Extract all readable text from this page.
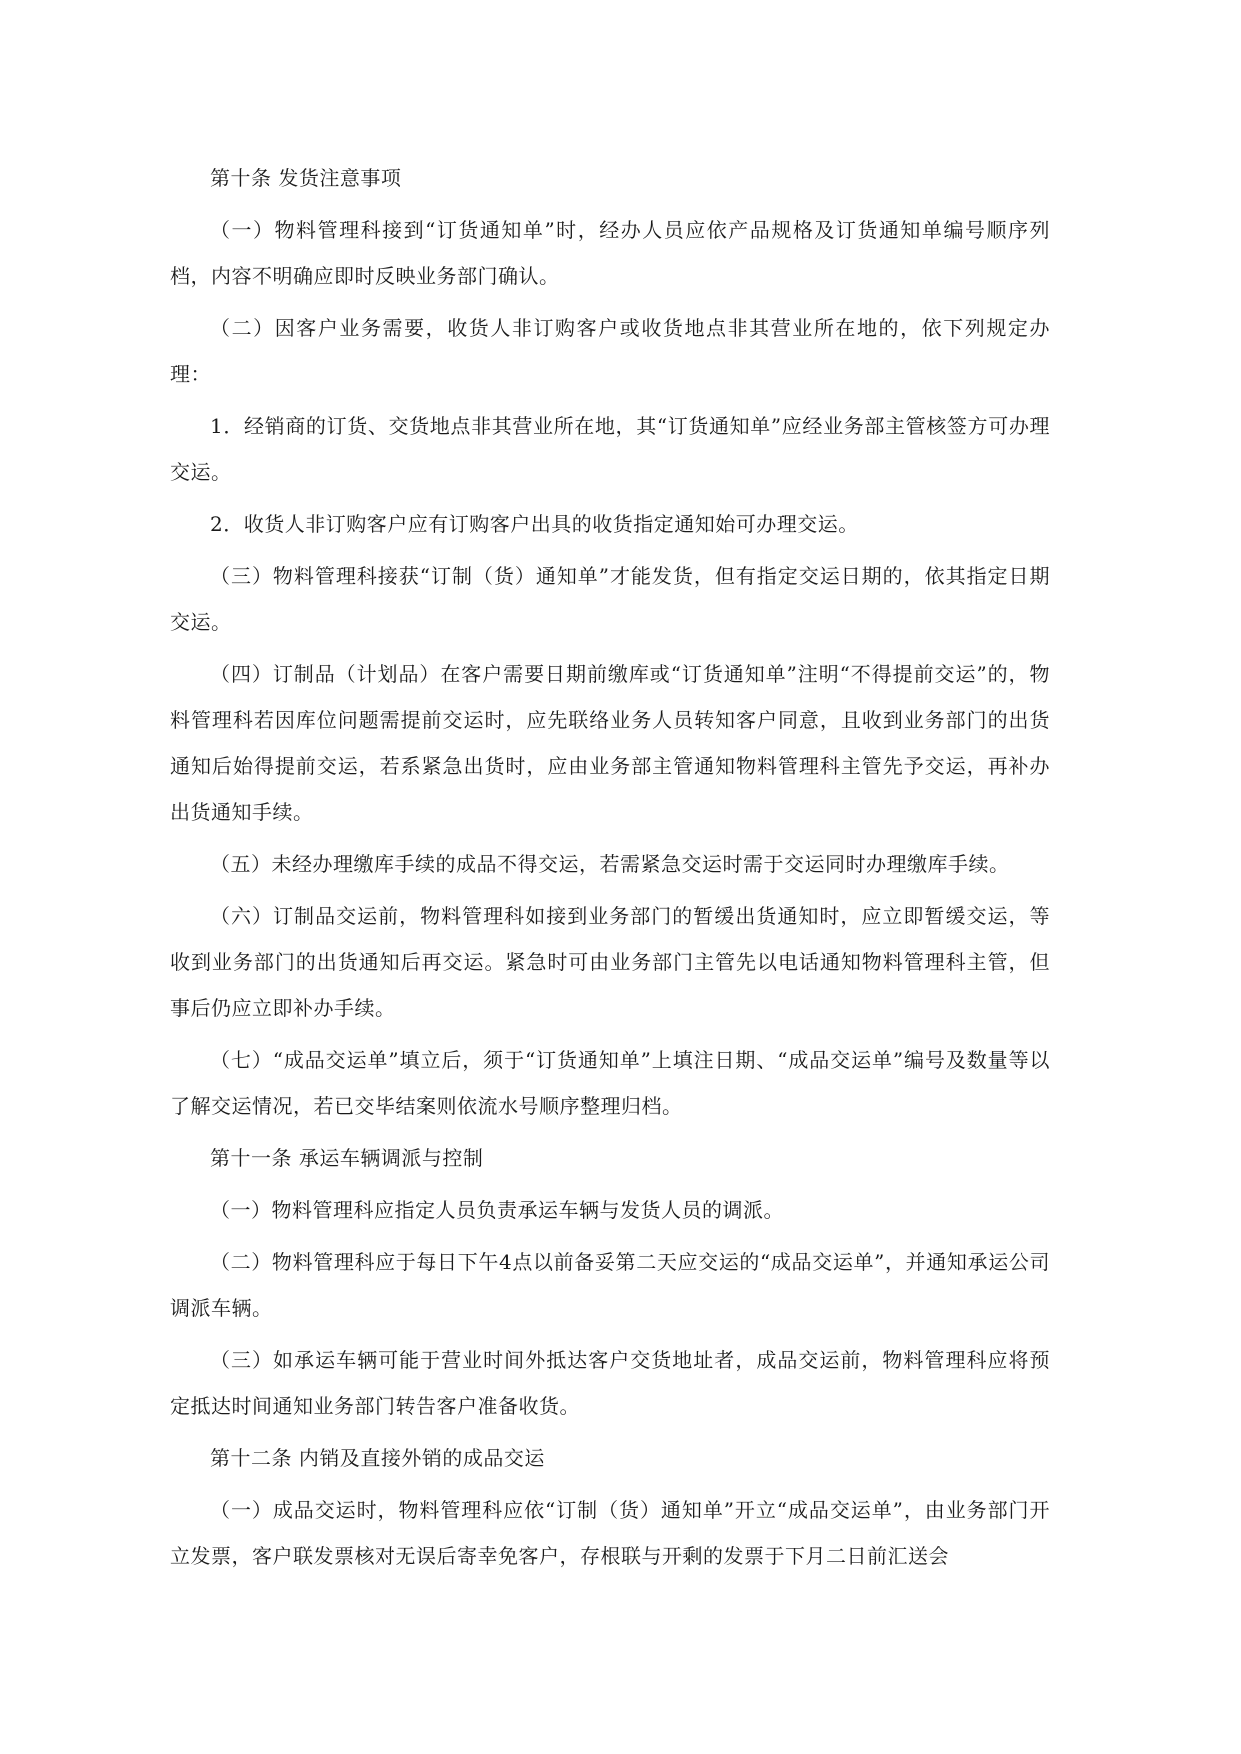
第十条 发货注意事项

（一）物料管理科接到“订货通知单”时，经办人员应依产品规格及订货通知单编号顺序列档，内容不明确应即时反映业务部门确认。

（二）因客户业务需要，收货人非订购客户或收货地点非其营业所在地的，依下列规定办理：

1．经销商的订货、交货地点非其营业所在地，其“订货通知单”应经业务部主管核签方可办理交运。

2．收货人非订购客户应有订购客户出具的收货指定通知始可办理交运。

（三）物料管理科接获“订制（货）通知单”才能发货，但有指定交运日期的，依其指定日期交运。

（四）订制品（计划品）在客户需要日期前缴库或“订货通知单”注明“不得提前交运”的，物料管理科若因库位问题需提前交运时，应先联络业务人员转知客户同意，且收到业务部门的出货通知后始得提前交运，若系紧急出货时，应由业务部主管通知物料管理科主管先予交运，再补办出货通知手续。

（五）未经办理缴库手续的成品不得交运，若需紧急交运时需于交运同时办理缴库手续。

（六）订制品交运前，物料管理科如接到业务部门的暂缓出货通知时，应立即暂缓交运，等收到业务部门的出货通知后再交运。紧急时可由业务部门主管先以电话通知物料管理科主管，但事后仍应立即补办手续。

（七）“成品交运单”填立后，须于“订货通知单”上填注日期、“成品交运单”编号及数量等以了解交运情况，若已交毕结案则依流水号顺序整理归档。

第十一条 承运车辆调派与控制

（一）物料管理科应指定人员负责承运车辆与发货人员的调派。

（二）物料管理科应于每日下午4点以前备妥第二天应交运的“成品交运单”，并通知承运公司调派车辆。

（三）如承运车辆可能于营业时间外抵达客户交货地址者，成品交运前，物料管理科应将预定抵达时间通知业务部门转告客户准备收货。

第十二条 内销及直接外销的成品交运

（一）成品交运时，物料管理科应依“订制（货）通知单”开立“成品交运单”，由业务部门开立发票，客户联发票核对无误后寄幸免客户，存根联与开剩的发票于下月二日前汇送会
